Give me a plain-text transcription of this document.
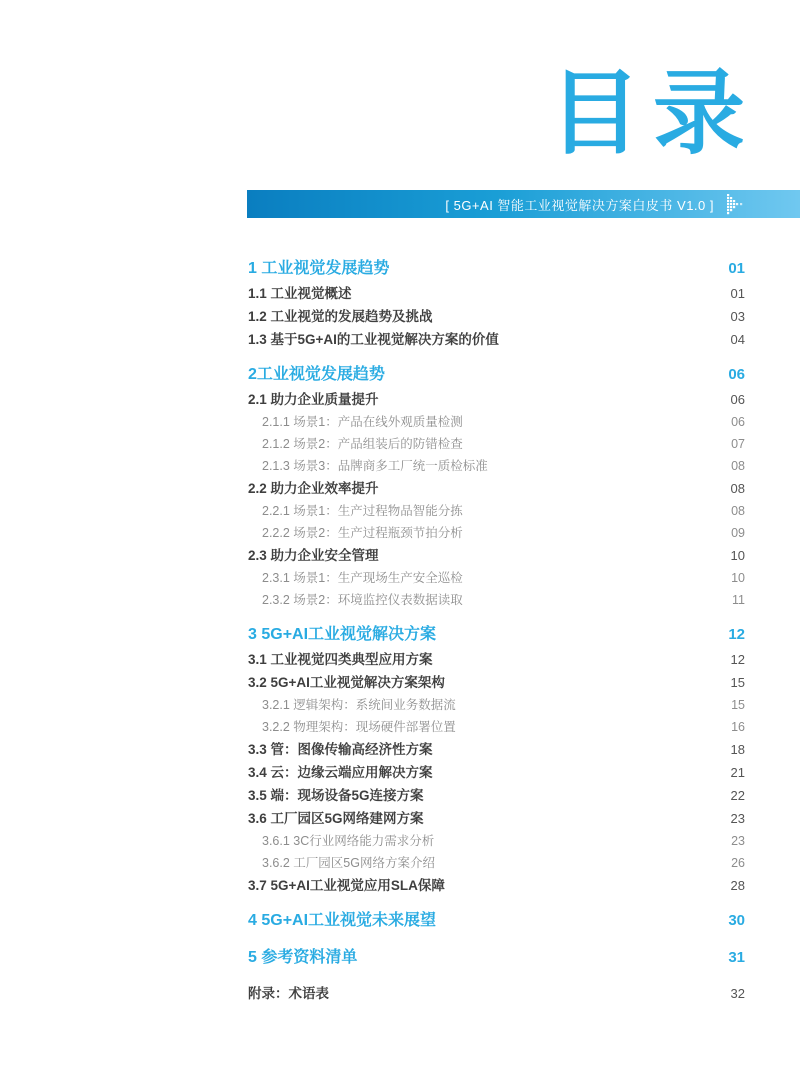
目录
[ 5G+AI 智能工业视觉解决方案白皮书 V1.0 ]
1 工业视觉发展趋势	01
1.1 工业视觉概述	01
1.2 工业视觉的发展趋势及挑战	03
1.3 基于5G+AI的工业视觉解决方案的价值	04
2工业视觉发展趋势	06
2.1 助力企业质量提升	06
2.1.1 场景1：产品在线外观质量检测	06
2.1.2 场景2：产品组装后的防错检查	07
2.1.3 场景3：品牌商多工厂统一质检标准	08
2.2 助力企业效率提升	08
2.2.1 场景1：生产过程物品智能分拣	08
2.2.2 场景2：生产过程瓶颈节拍分析	09
2.3 助力企业安全管理	10
2.3.1 场景1：生产现场生产安全巡检	10
2.3.2 场景2：环境监控仪表数据读取	11
3 5G+AI工业视觉解决方案	12
3.1 工业视觉四类典型应用方案	12
3.2 5G+AI工业视觉解决方案架构	15
3.2.1 逻辑架构：系统间业务数据流	15
3.2.2 物理架构：现场硬件部署位置	16
3.3 管：图像传输高经济性方案	18
3.4 云：边缘云端应用解决方案	21
3.5 端：现场设备5G连接方案	22
3.6 工厂园区5G网络建网方案	23
3.6.1 3C行业网络能力需求分析	23
3.6.2 工厂园区5G网络方案介绍	26
3.7 5G+AI工业视觉应用SLA保障	28
4 5G+AI工业视觉未来展望	30
5 参考资料清单	31
附录：术语表	32
